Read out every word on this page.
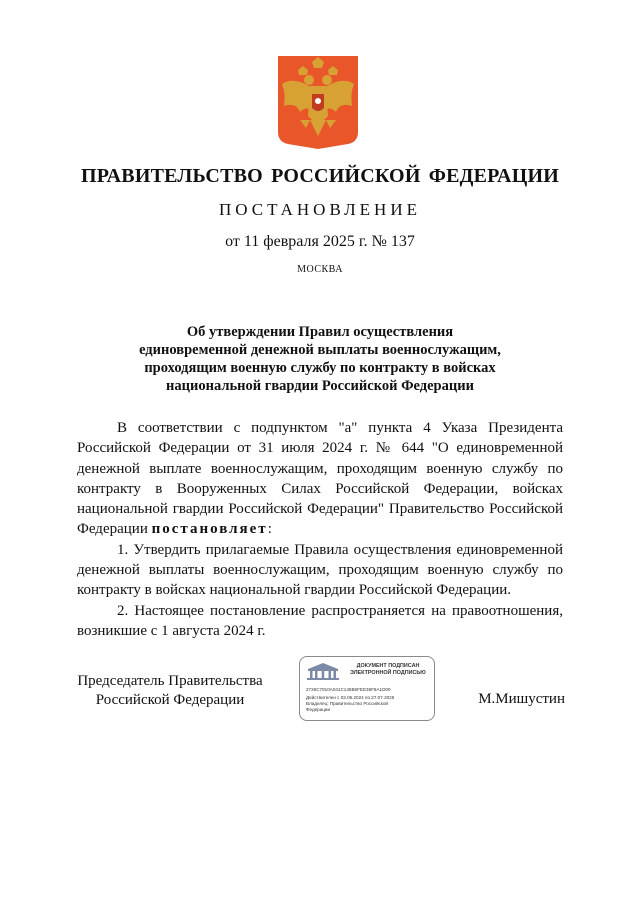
ПРАВИТЕЛЬСТВО РОССИЙСКОЙ ФЕДЕРАЦИИ
ПОСТАНОВЛЕНИЕ
от 11 февраля 2025 г. № 137
МОСКВА
Об утверждении Правил осуществления
единовременной денежной выплаты военнослужащим,
проходящим военную службу по контракту в войсках
национальной гвардии Российской Федерации

В соответствии с подпунктом "а" пункта 4 Указа Президента Российской Федерации от 31 июля 2024 г. № 644 "О единовременной денежной выплате военнослужащим, проходящим военную службу по контракту в Вооруженных Силах Российской Федерации, войсках национальной гвардии Российской Федерации" Правительство Российской Федерации постановляет:

1. Утвердить прилагаемые Правила осуществления единовременной денежной выплаты военнослужащим, проходящим военную службу по контракту в войсках национальной гвардии Российской Федерации.

2. Настоящее постановление распространяется на правоотношения, возникшие с 1 августа 2024 г.

Председатель Правительства
Российской Федерации
ДОКУМЕНТ ПОДПИСАН
ЭЛЕКТРОННОЙ ПОДПИСЬЮ
2726C7910A041C145B6FEE36F8A1D09
Действителен с 03.05.2024 по 27.07.2025
Владелец: Правительство Российской
Федерации
М.Мишустин
